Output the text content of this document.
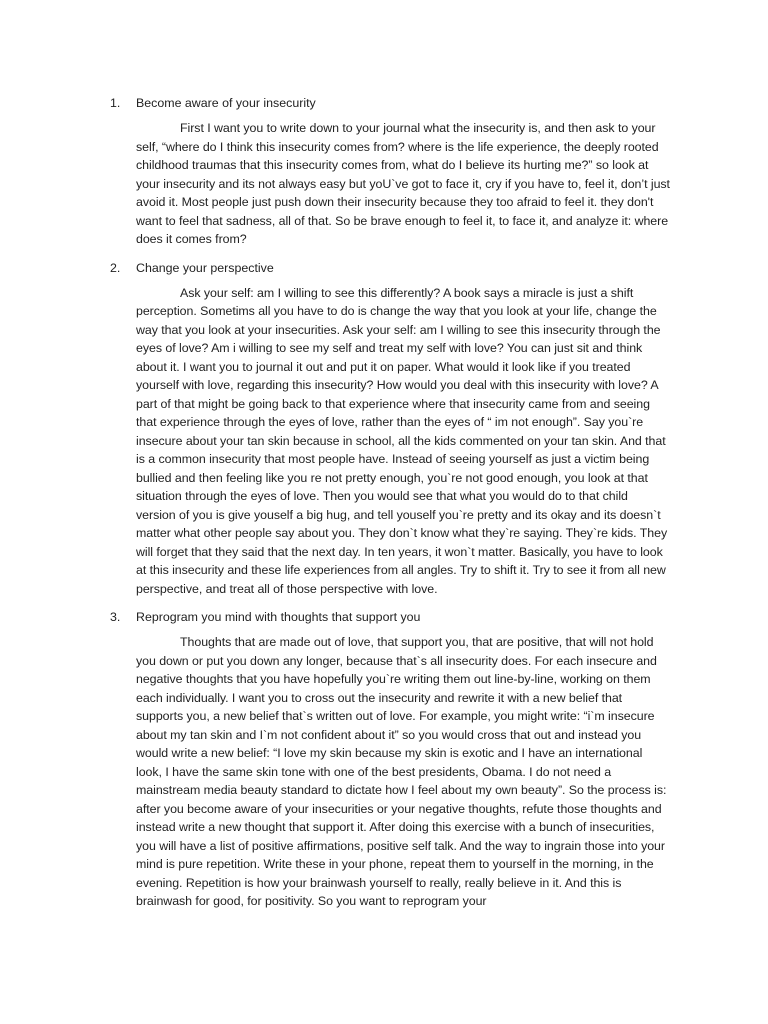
1.	Become aware of your insecurity

First I want you to write down to your journal what the insecurity is, and then ask to your self, “where do I think this insecurity comes from? where is the life experience, the deeply rooted childhood traumas that this insecurity comes from, what do I believe its hurting me?” so look at your insecurity and its not always easy but yoU`ve got to face it, cry if you have to, feel it, don’t just avoid it. Most people just push down their insecurity because they too afraid to feel it. they don't want to feel that sadness, all of that. So be brave enough to feel it, to face it, and analyze it: where does it comes from?

2.	Change your perspective

Ask your self: am I willing to see this differently? A book says a miracle is just a shift perception. Sometims all you have to do is change the way that you look at your life, change the way that you look at your insecurities. Ask your self: am I willing to see this insecurity through the eyes of love? Am i willing to see my self and treat my self with love? You can just sit and think about it. I want you to journal it out and put it on paper. What would it look like if you treated yourself with love, regarding this insecurity? How would you deal with this insecurity with love? A part of that might be going back to that experience where that insecurity came from and seeing that experience through the eyes of love, rather than the eyes of “ im not enough”. Say you`re insecure about your tan skin because in school, all the kids commented on your tan skin. And that is a common insecurity that most people have. Instead of seeing yourself as just a victim being bullied and then feeling like you re not pretty enough, you`re not good enough, you look at that situation through the eyes of love. Then you would see that what you would do to that child version of you is give youself a big hug, and tell youself you`re pretty and its okay and its doesn`t matter what other people say about you. They don`t know what they`re saying. They`re kids. They will forget that they said that the next day. In ten years, it won`t matter. Basically, you have to look at this insecurity and these life experiences from all angles. Try to shift it. Try to see it from all new perspective, and treat all of those perspective with love.

3.	Reprogram you mind with thoughts that support you

Thoughts that are made out of love, that support you, that are positive, that will not hold you down or put you down any longer, because that`s all insecurity does. For each insecure and negative thoughts that you have hopefully you`re writing them out line-by-line, working on them each individually. I want you to cross out the insecurity and rewrite it with a new belief that supports you, a new belief that`s written out of love. For example, you might write: “i`m insecure about my tan skin and I`m not confident about it” so you would cross that out and instead you would write a new belief: “I love my skin because my skin is exotic and I have an international look, I have the same skin tone with one of the best presidents, Obama. I do not need a mainstream media beauty standard to dictate how I feel about my own beauty”. So the process is: after you become aware of your insecurities or your negative thoughts, refute those thoughts and instead write a new thought that support it. After doing this exercise with a bunch of insecurities, you will have a list of positive affirmations, positive self talk. And the way to ingrain those into your mind is pure repetition. Write these in your phone, repeat them to yourself in the morning, in the evening. Repetition is how your brainwash yourself to really, really believe in it. And this is brainwash for good, for positivity. So you want to reprogram your
